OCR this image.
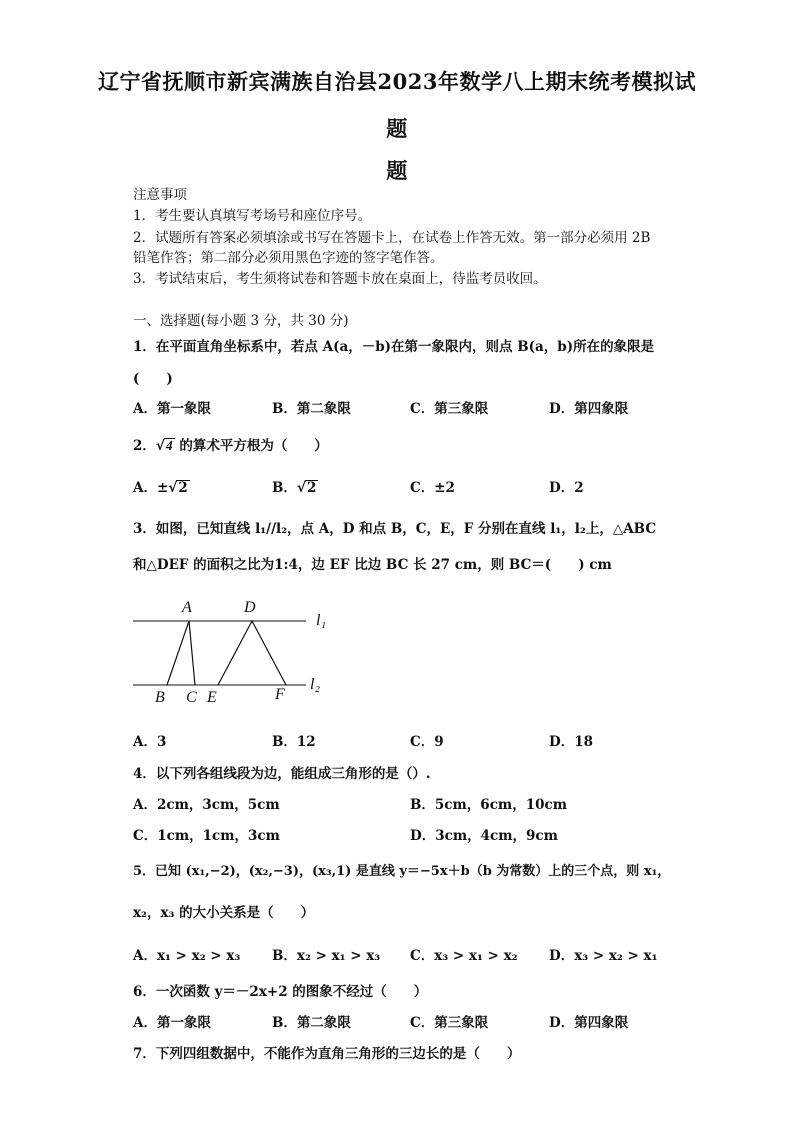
辽宁省抚顺市新宾满族自治县2023年数学八上期末统考模拟试
题
题
注意事项
1．考生要认真填写考场号和座位序号。
2．试题所有答案必须填涂或书写在答题卡上，在试卷上作答无效。第一部分必须用 2B
铅笔作答；第二部分必须用黑色字迹的签字笔作答。
3．考试结束后，考生须将试卷和答题卡放在桌面上，待监考员收回。
一、选择题(每小题 3 分，共 30 分)
1．在平面直角坐标系中，若点 A(a，－b)在第一象限内，则点 B(a，b)所在的象限是
(　　)
A．第一象限	B．第二象限	C．第三象限	D．第四象限
2．√4 的算术平方根为（　　）
A．±√2	B．√2	C．±2	D．2
3．如图，已知直线 l₁//l₂，点 A，D 和点 B，C，E，F 分别在直线 l₁，l₂上，△ABC
和△DEF 的面积之比为1:4，边 EF 比边 BC 长 27 cm，则 BC＝(　　) cm
A	D
B C E	F
l₁
l₂
A．3	B．12	C．9	D．18
4．以下列各组线段为边，能组成三角形的是（）.
A．2cm，3cm，5cm	B．5cm，6cm，10cm
C．1cm，1cm，3cm	D．3cm，4cm，9cm
5．已知 (x₁,−2)，(x₂,−3)，(x₃,1) 是直线 y＝−5x＋b（b 为常数）上的三个点，则 x₁，
x₂，x₃ 的大小关系是（　　）
A．x₁ > x₂ > x₃ B．x₂ > x₁ > x₃ C．x₃ > x₁ > x₂ D．x₃ > x₂ > x₁
6．一次函数 y＝－2x+2 的图象不经过（　　）
A．第一象限	B．第二象限	C．第三象限	D．第四象限
7．下列四组数据中，不能作为直角三角形的三边长的是（　　）
